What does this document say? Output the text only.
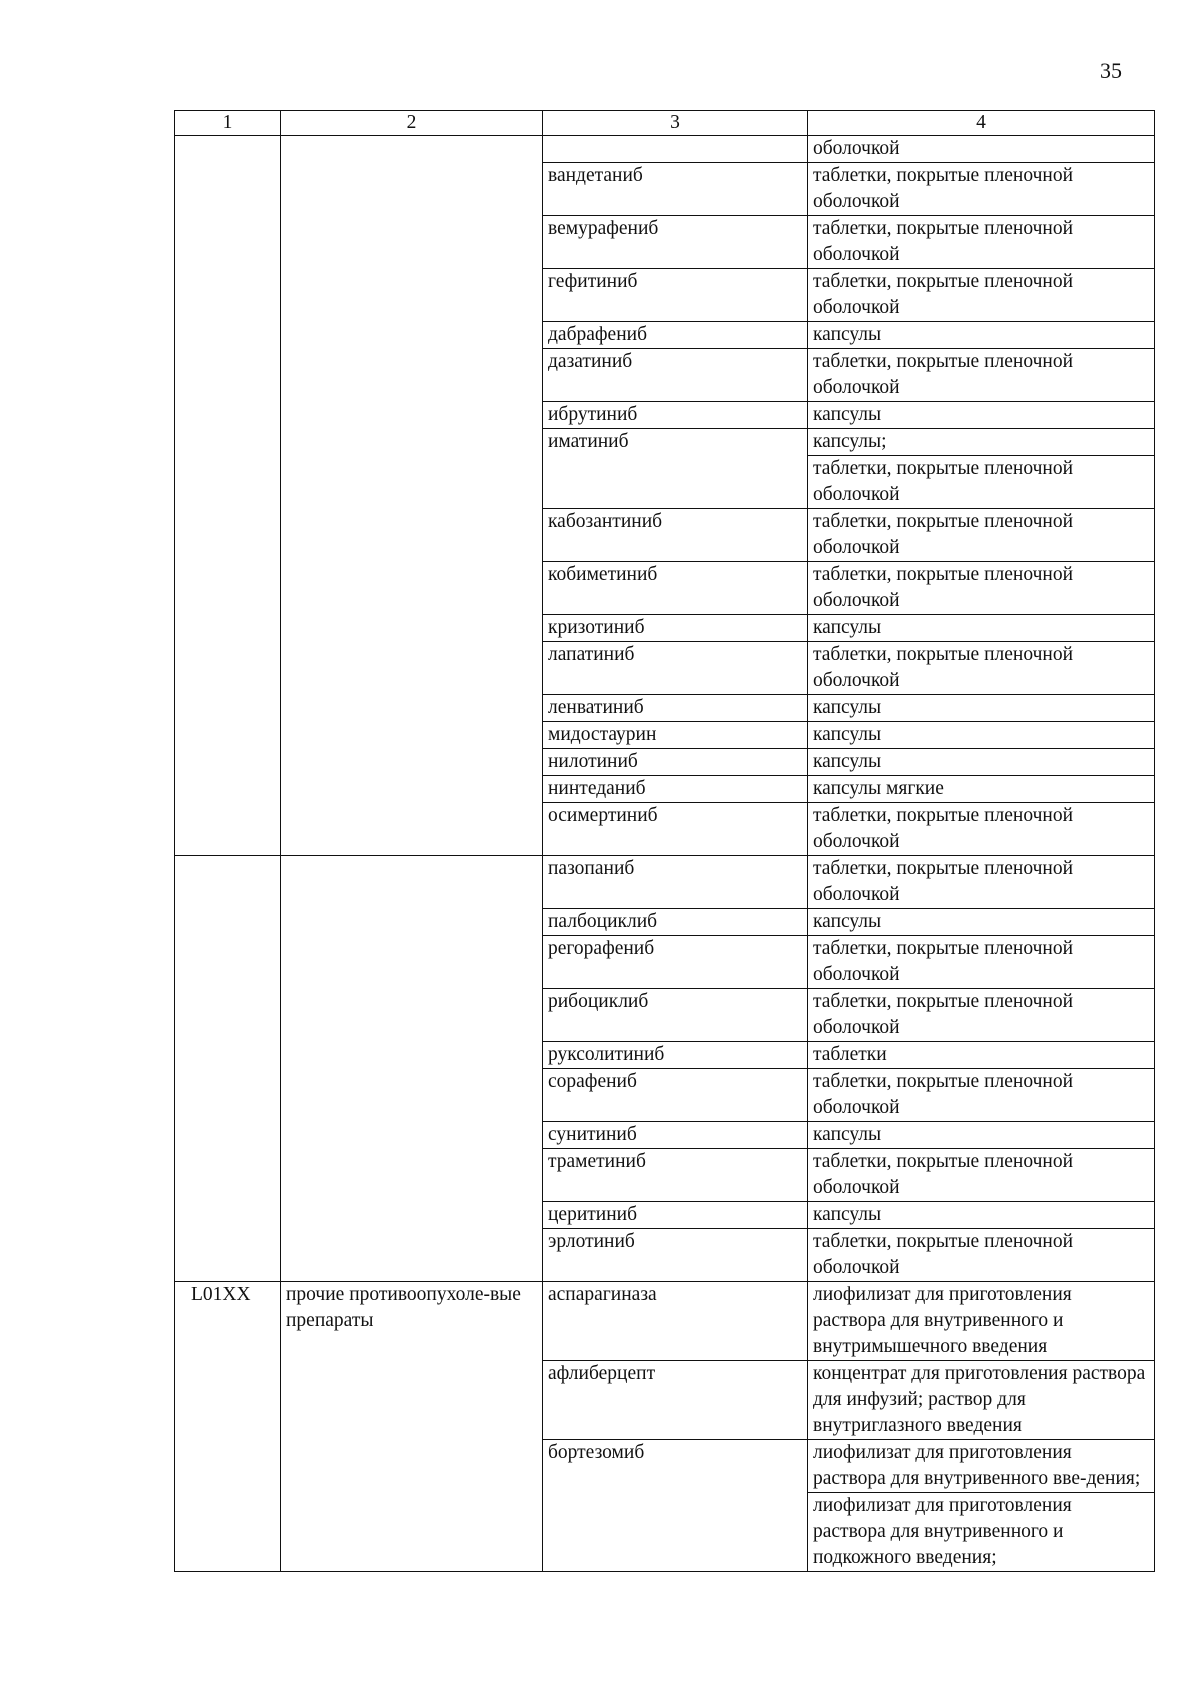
35
1	2	3	4
			оболочкой
		вандетаниб	таблетки, покрытые пленочной оболочкой
		вемурафениб	таблетки, покрытые пленочной оболочкой
		гефитиниб	таблетки, покрытые пленочной оболочкой
		дабрафениб	капсулы
		дазатиниб	таблетки, покрытые пленочной оболочкой
		ибрутиниб	капсулы
		иматиниб	капсулы;
			таблетки, покрытые пленочной оболочкой
		кабозантиниб	таблетки, покрытые пленочной оболочкой
		кобиметиниб	таблетки, покрытые пленочной оболочкой
		кризотиниб	капсулы
		лапатиниб	таблетки, покрытые пленочной оболочкой
		ленватиниб	капсулы
		мидостаурин	капсулы
		нилотиниб	капсулы
		нинтеданиб	капсулы мягкие
		осимертиниб	таблетки, покрытые пленочной оболочкой
		пазопаниб	таблетки, покрытые пленочной оболочкой
		палбоциклиб	капсулы
		регорафениб	таблетки, покрытые пленочной оболочкой
		рибоциклиб	таблетки, покрытые пленочной оболочкой
		руксолитиниб	таблетки
		сорафениб	таблетки, покрытые пленочной оболочкой
		сунитиниб	капсулы
		траметиниб	таблетки, покрытые пленочной оболочкой
		церитиниб	капсулы
		эрлотиниб	таблетки, покрытые пленочной оболочкой
L01XX	прочие противоопухоле-вые препараты	аспарагиназа	лиофилизат для приготовления раствора для внутривенного и внутримышечного введения
		афлиберцепт	концентрат для приготовления раствора для инфузий; раствор для внутриглазного введения
		бортезомиб	лиофилизат для приготовления раствора для внутривенного вве-дения;
			лиофилизат для приготовления раствора для внутривенного и подкожного введения;
